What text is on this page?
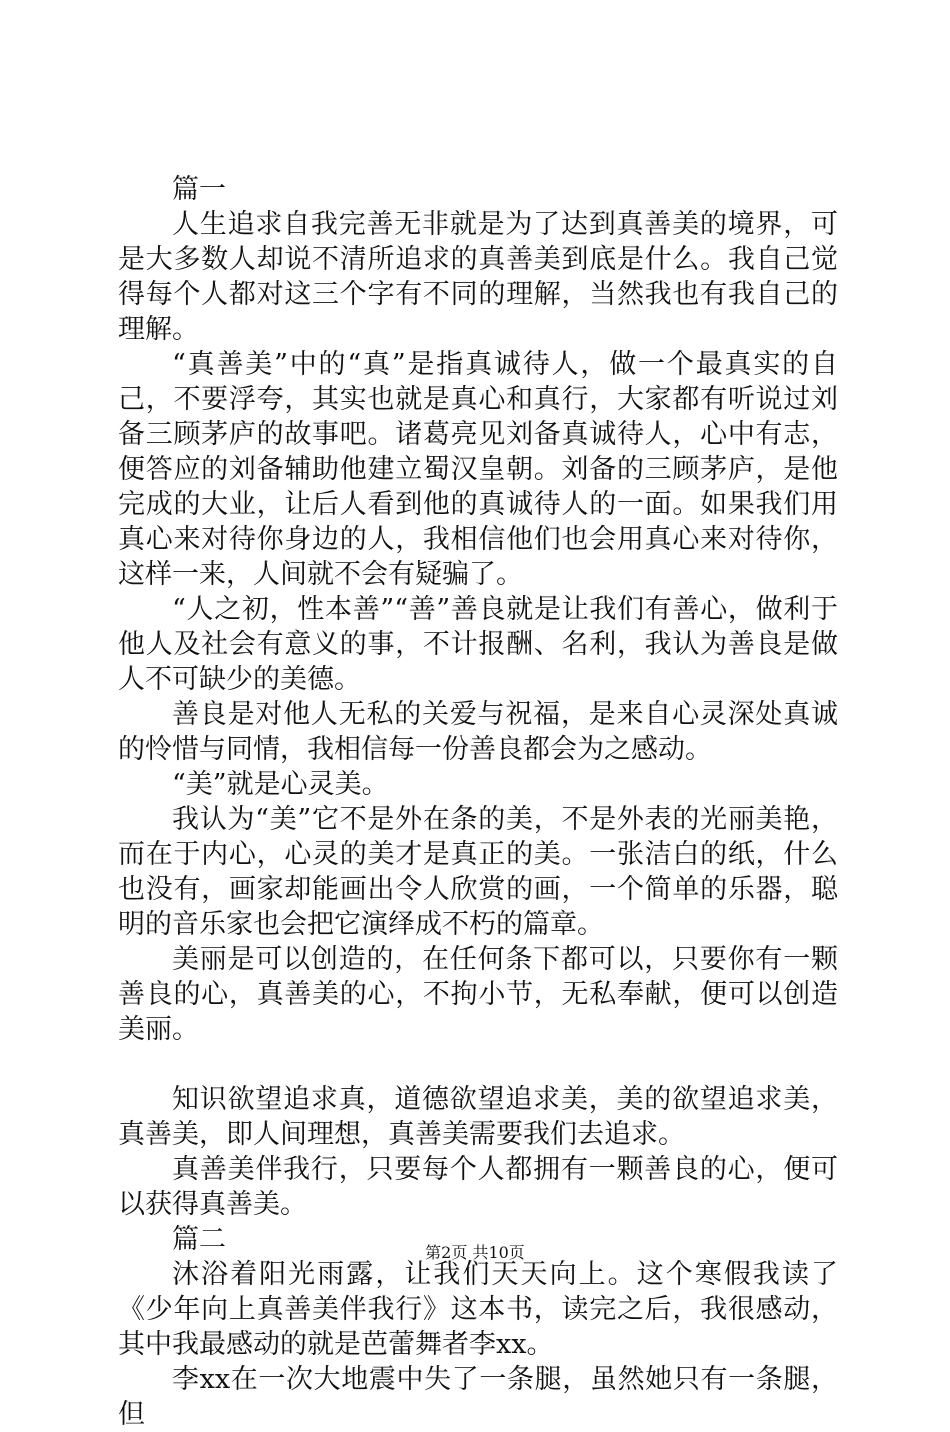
篇一

人生追求自我完善无非就是为了达到真善美的境界，可是大多数人却说不清所追求的真善美到底是什么。我自己觉得每个人都对这三个字有不同的理解，当然我也有我自己的理解。

“真善美”中的“真”是指真诚待人，做一个最真实的自己，不要浮夸，其实也就是真心和真行，大家都有听说过刘备三顾茅庐的故事吧。诸葛亮见刘备真诚待人，心中有志，便答应的刘备辅助他建立蜀汉皇朝。刘备的三顾茅庐，是他完成的大业，让后人看到他的真诚待人的一面。如果我们用真心来对待你身边的人，我相信他们也会用真心来对待你，这样一来，人间就不会有疑骗了。

“人之初，性本善”“善”善良就是让我们有善心，做利于他人及社会有意义的事，不计报酬、名利，我认为善良是做人不可缺少的美德。

善良是对他人无私的关爱与祝福，是来自心灵深处真诚的怜惜与同情，我相信每一份善良都会为之感动。

“美”就是心灵美。

我认为“美”它不是外在条的美，不是外表的光丽美艳，而在于内心，心灵的美才是真正的美。一张洁白的纸，什么也没有，画家却能画出令人欣赏的画，一个简单的乐器，聪明的音乐家也会把它演绎成不朽的篇章。

美丽是可以创造的，在任何条下都可以，只要你有一颗善良的心，真善美的心，不拘小节，无私奉献，便可以创造美丽。

知识欲望追求真，道德欲望追求美，美的欲望追求美，真善美，即人间理想，真善美需要我们去追求。

真善美伴我行，只要每个人都拥有一颗善良的心，便可以获得真善美。

篇二

沐浴着阳光雨露，让我们天天向上。这个寒假我读了《少年向上真善美伴我行》这本书，读完之后，我很感动，其中我最感动的就是芭蕾舞者李xx。

李xx在一次大地震中失了一条腿，虽然她只有一条腿，但

第2页 共10页
